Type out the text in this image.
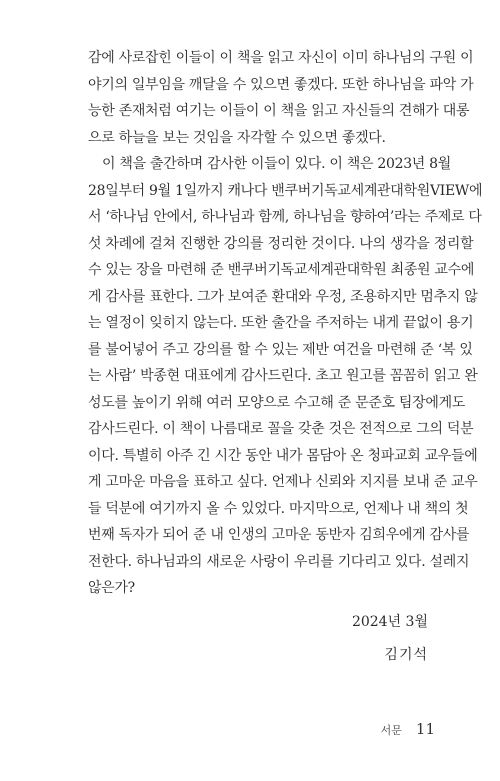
감에 사로잡힌 이들이 이 책을 읽고 자신이 이미 하나님의 구원 이
야기의 일부임을 깨달을 수 있으면 좋겠다. 또한 하나님을 파악 가
능한 존재처럼 여기는 이들이 이 책을 읽고 자신들의 견해가 대롱
으로 하늘을 보는 것임을 자각할 수 있으면 좋겠다.
이 책을 출간하며 감사한 이들이 있다. 이 책은 2023년 8월
28일부터 9월 1일까지 캐나다 밴쿠버기독교세계관대학원VIEW에
서 ‘하나님 안에서, 하나님과 함께, 하나님을 향하여’라는 주제로 다
섯 차례에 걸쳐 진행한 강의를 정리한 것이다. 나의 생각을 정리할
수 있는 장을 마련해 준 밴쿠버기독교세계관대학원 최종원 교수에
게 감사를 표한다. 그가 보여준 환대와 우정, 조용하지만 멈추지 않
는 열정이 잊히지 않는다. 또한 출간을 주저하는 내게 끝없이 용기
를 불어넣어 주고 강의를 할 수 있는 제반 여건을 마련해 준 ‘복 있
는 사람’ 박종현 대표에게 감사드린다. 초고 원고를 꼼꼼히 읽고 완
성도를 높이기 위해 여러 모양으로 수고해 준 문준호 팀장에게도
감사드린다. 이 책이 나름대로 꼴을 갖춘 것은 전적으로 그의 덕분
이다. 특별히 아주 긴 시간 동안 내가 몸담아 온 청파교회 교우들에
게 고마운 마음을 표하고 싶다. 언제나 신뢰와 지지를 보내 준 교우
들 덕분에 여기까지 올 수 있었다. 마지막으로, 언제나 내 책의 첫
번째 독자가 되어 준 내 인생의 고마운 동반자 김희우에게 감사를
전한다. 하나님과의 새로운 사랑이 우리를 기다리고 있다. 설레지
않은가?
2024년 3월
김기석
서문 11
